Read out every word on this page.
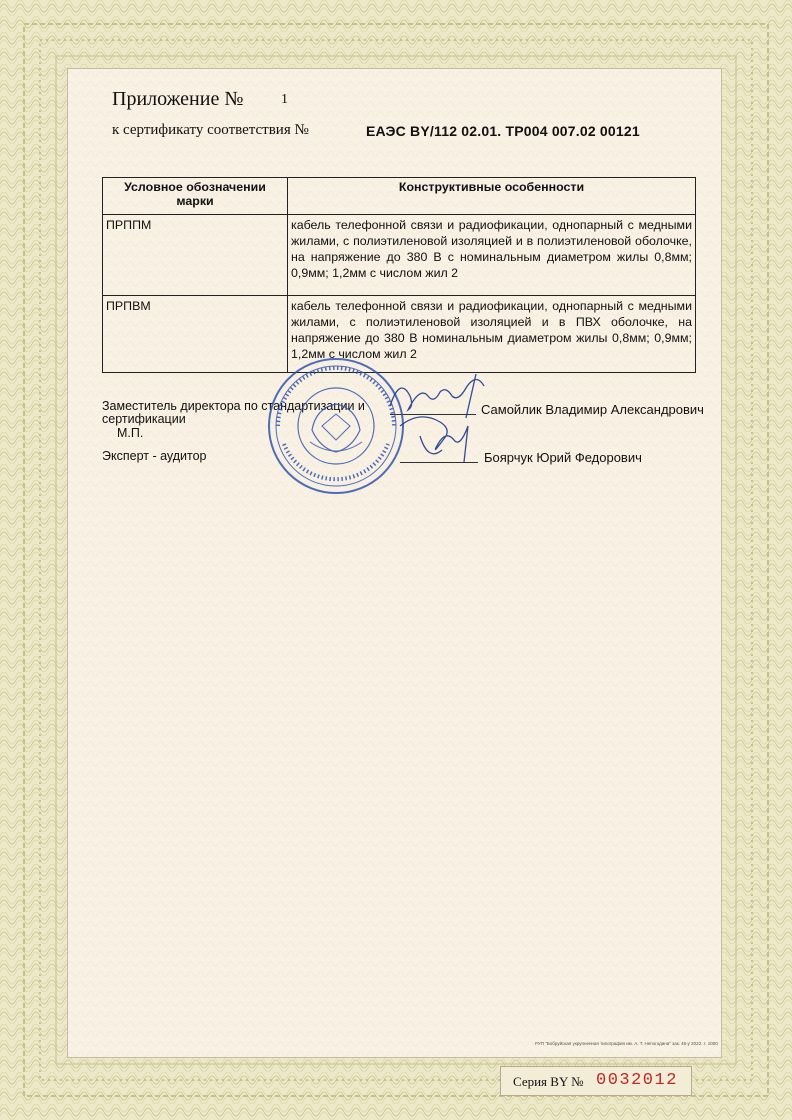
Приложение №	1
к сертификату соответствия №	ЕАЭС BY/112 02.01. ТР004 007.02 00121
Условное обозначении марки	Конструктивные особенности
ПРППМ	кабель телефонной связи и радиофикации, однопарный с медными жилами, с полиэтиленовой изоляцией и в полиэтиленовой оболочке, на напряжение до 380 В с номинальным диаметром жилы 0,8мм; 0,9мм; 1,2мм с числом жил 2
ПРПВМ	кабель телефонной связи и радиофикации, однопарный с медными жилами, с полиэтиленовой изоляцией и в ПВХ оболочке, на напряжение до 380 В номинальным диаметром жилы 0,8мм; 0,9мм; 1,2мм с числом жил 2
Заместитель директора по стандартизации и сертификации
М.П.
Эксперт - аудитор
Самойлик Владимир Александрович
Боярчук Юрий Федорович
РУП "Бобруйская укрупненная типография им. А. Т. Непогодина" зак. 46-у 2022. т. 1000
Серия BY № 0032012
